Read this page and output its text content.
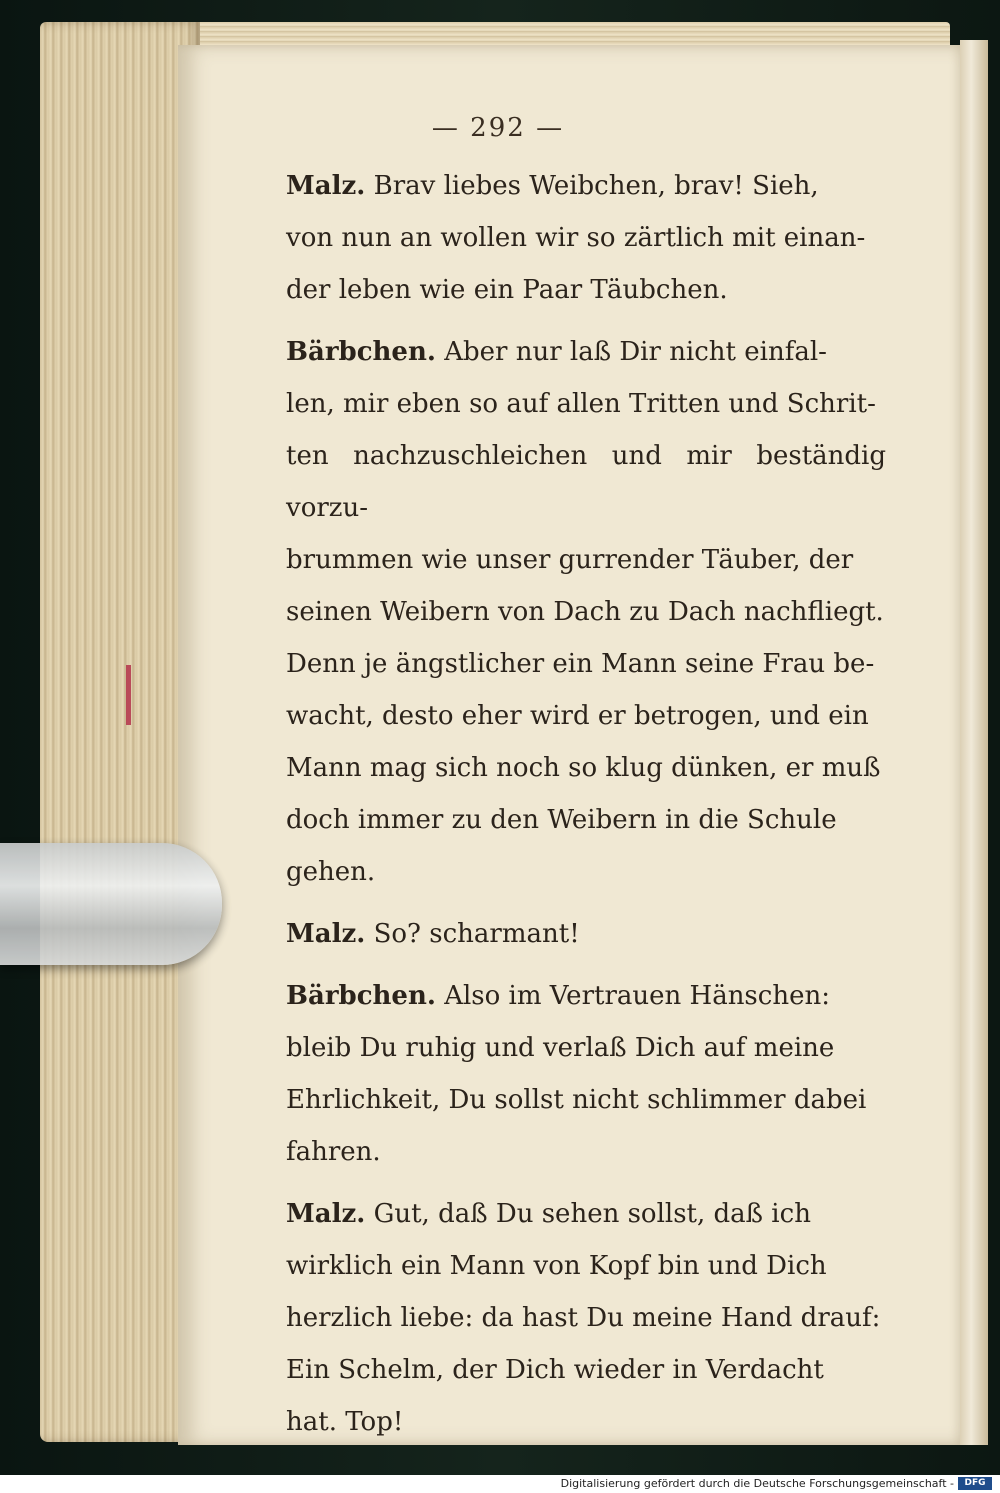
— 292 —

Malz. Brav liebes Weibchen, brav! Sieh,
von nun an wollen wir so zärtlich mit einan-
der leben wie ein Paar Täubchen.

Bärbchen. Aber nur laß Dir nicht einfal-
len, mir eben so auf allen Tritten und Schrit-
ten nachzuschleichen und mir beständig vorzu-
brummen wie unser gurrender Täuber, der
seinen Weibern von Dach zu Dach nachfliegt.
Denn je ängstlicher ein Mann seine Frau be-
wacht, desto eher wird er betrogen, und ein
Mann mag sich noch so klug dünken, er muß
doch immer zu den Weibern in die Schule
gehen.

Malz. So? scharmant!

Bärbchen. Also im Vertrauen Hänschen:
bleib Du ruhig und verlaß Dich auf meine
Ehrlichkeit, Du sollst nicht schlimmer dabei
fahren.

Malz. Gut, daß Du sehen sollst, daß ich
wirklich ein Mann von Kopf bin und Dich
herzlich liebe: da hast Du meine Hand drauf:
Ein Schelm, der Dich wieder in Verdacht
hat. Top!

Digitalisierung gefördert durch die Deutsche Forschungsgemeinschaft -	DFG
